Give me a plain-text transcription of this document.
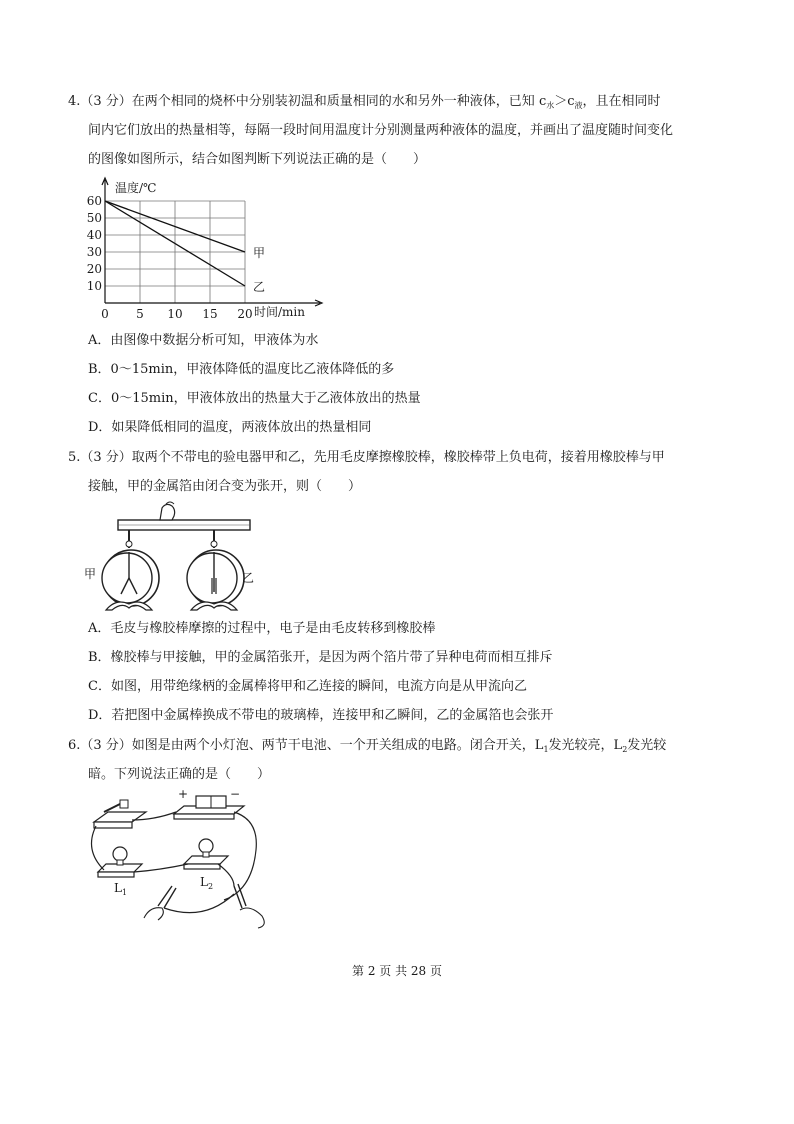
4.（3 分）在两个相同的烧杯中分别装初温和质量相同的水和另外一种液体，已知 $c_水>c_液$，且在相同时
间内它们放出的热量相等，每隔一段时间用温度计分别测量两种液体的温度，并画出了温度随时间变化
的图像如图所示，结合如图判断下列说法正确的是（　　）
10
20
30
40
50
60
0 5 10 15 20
甲
乙
温度/℃
时间/min
A．由图像中数据分析可知，甲液体为水
B．0～15min，甲液体降低的温度比乙液体降低的多
C．0～15min，甲液体放出的热量大于乙液体放出的热量
D．如果降低相同的温度，两液体放出的热量相同
5.（3 分）取两个不带电的验电器甲和乙，先用毛皮摩擦橡胶棒，橡胶棒带上负电荷，接着用橡胶棒与甲
接触，甲的金属箔由闭合变为张开，则（　　）
甲	乙
A．毛皮与橡胶棒摩擦的过程中，电子是由毛皮转移到橡胶棒
B．橡胶棒与甲接触，甲的金属箔张开，是因为两个箔片带了异种电荷而相互排斥
C．如图，用带绝缘柄的金属棒将甲和乙连接的瞬间，电流方向是从甲流向乙
D．若把图中金属棒换成不带电的玻璃棒，连接甲和乙瞬间，乙的金属箔也会张开
6.（3 分）如图是由两个小灯泡、两节干电池、一个开关组成的电路。闭合开关，$L_1$发光较亮，$L_2$发光较
暗。下列说法正确的是（　　）
+	−
$L_1$
$L_2$
第 2 页 共 28 页
